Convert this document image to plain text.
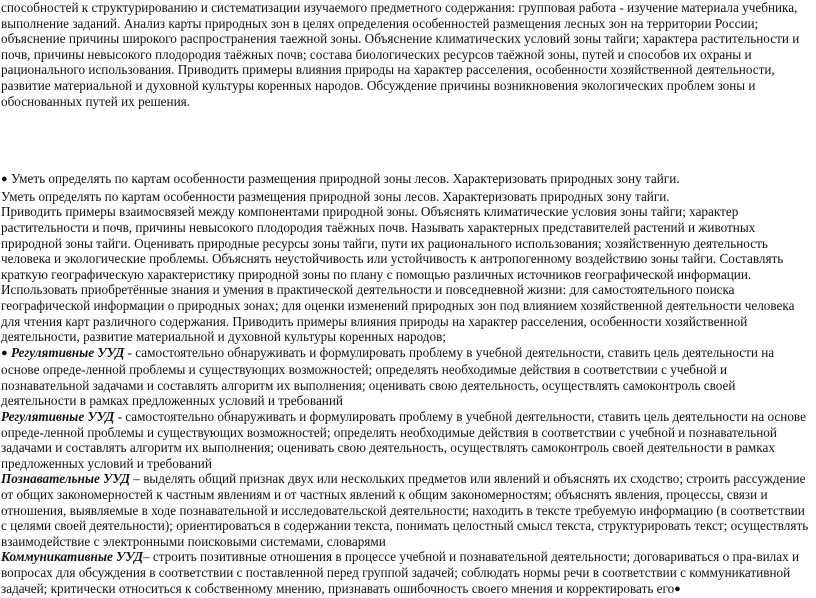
способностей к структурированию и систематизации изучаемого предметного содержания: групповая работа - изучение материала учебника, выполнение заданий. Анализ карты природных зон в целях определения особенностей размещения лесных зон на территории России; объяснение причины широкого распространения таежной зоны. Объяснение климатических условий зоны тайги; характера растительности и почв, причины невысокого плодородия таёжных почв; состава биологических ресурсов таёжной зоны, путей и способов их охраны и рационального использования. Приводить примеры влияния природы на характер расселения, особенности хозяйственной деятельности, развитие материальной и духовной культуры коренных народов. Обсуждение причины возникновения экологических проблем зоны и обоснованных путей их решения.

● Уметь определять по картам особенности размещения природной зоны лесов. Характеризовать природных зону тайги.

Уметь определять по картам особенности размещения природной зоны лесов. Характеризовать природных зону тайги.

Приводить примеры взаимосвязей между компонентами природной зоны. Объяснять климатические условия зоны тайги; характер растительности и почв, причины невысокого плодородия таёжных почв. Называть характерных представителей растений и животных природной зоны тайги. Оценивать природные ресурсы зоны тайги, пути их рационального использования; хозяйственную деятельность человека и экологические проблемы. Объяснять неустойчивость или устойчивость к антропогенному воздействию зоны тайги. Составлять краткую географическую характеристику природной зоны по плану с помощью различных источников географической информации.

Использовать приобретённые знания и умения в практической деятельности и повседневной жизни: для самостоятельного поиска географической информации о природных зонах; для оценки изменений природных зон под влиянием хозяйственной деятельности человека для чтения карт различного содержания. Приводить примеры влияния природы на характер расселения, особенности хозяйственной деятельности, развитие материальной и духовной культуры коренных народов;

● Регулятивные УУД - самостоятельно обнаруживать и формулировать проблему в учебной деятельности, ставить цель деятельности на основе опреде-ленной проблемы и существующих возможностей; определять необходимые действия в соответствии с учебной и познавательной задачами и составлять алгоритм их выполнения; оценивать свою деятельность, осуществлять самоконтроль своей деятельности в рамках предложенных условий и требований

Регулятивные УУД - самостоятельно обнаруживать и формулировать проблему в учебной деятельности, ставить цель деятельности на основе опреде-ленной проблемы и существующих возможностей; определять необходимые действия в соответствии с учебной и познавательной задачами и составлять алгоритм их выполнения; оценивать свою деятельность, осуществлять самоконтроль своей деятельности в рамках предложенных условий и требований

Познавательные УУД – выделять общий признак двух или нескольких предметов или явлений и объяснять их сходство; строить рассуждение от общих закономерностей к частным явлениям и от частных явлений к общим закономерностям; объяснять явления, процессы, связи и отношения, выявляемые в ходе познавательной и исследовательской деятельности; находить в тексте требуемую информацию (в соответствии с целями своей деятельности); ориентироваться в содержании текста, понимать целостный смысл текста, структурировать текст; осуществлять взаимодействие с электронными поисковыми системами, словарями

Коммуникативные УУД– строить позитивные отношения в процессе учебной и познавательной деятельности; договариваться о пра-вилах и вопросах для обсуждения в соответствии с поставленной перед группой задачей; соблюдать нормы речи в соответствии с коммуникативной задачей; критически относиться к собственному мнению, признавать ошибочность своего мнения и корректировать его●
